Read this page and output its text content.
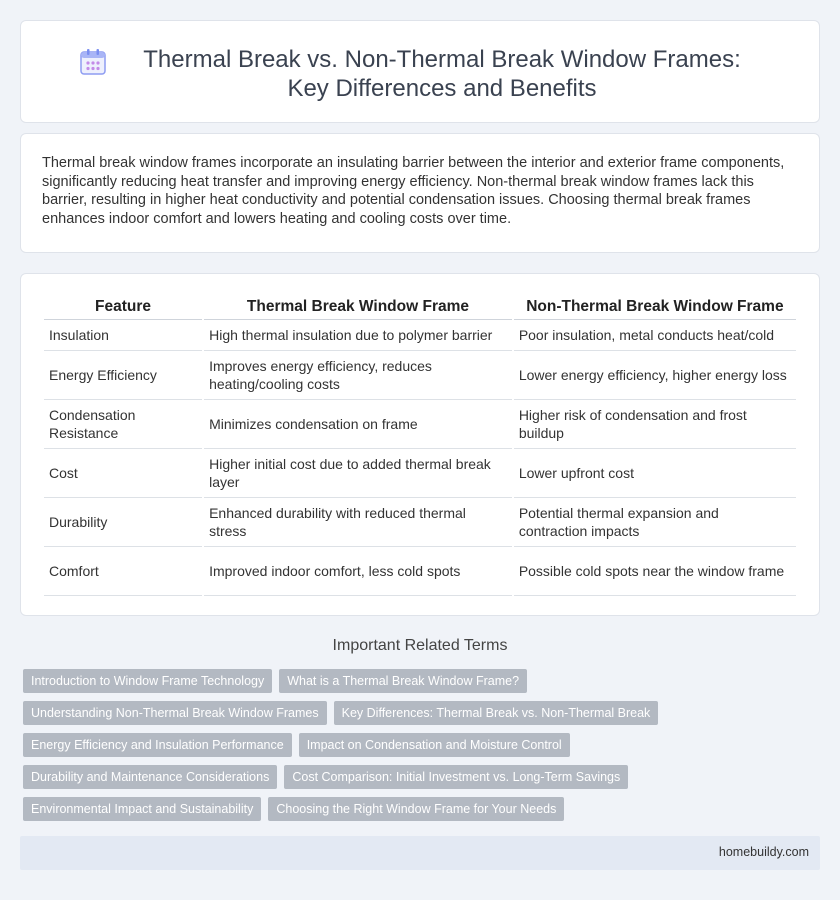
Thermal Break vs. Non-Thermal Break Window Frames: Key Differences and Benefits

Thermal break window frames incorporate an insulating barrier between the interior and exterior frame components, significantly reducing heat transfer and improving energy efficiency. Non-thermal break window frames lack this barrier, resulting in higher heat conductivity and potential condensation issues. Choosing thermal break frames enhances indoor comfort and lowers heating and cooling costs over time.

Feature	Thermal Break Window Frame	Non-Thermal Break Window Frame
Insulation	High thermal insulation due to polymer barrier	Poor insulation, metal conducts heat/cold
Energy Efficiency	Improves energy efficiency, reduces heating/cooling costs	Lower energy efficiency, higher energy loss
Condensation Resistance	Minimizes condensation on frame	Higher risk of condensation and frost buildup
Cost	Higher initial cost due to added thermal break layer	Lower upfront cost
Durability	Enhanced durability with reduced thermal stress	Potential thermal expansion and contraction impacts
Comfort	Improved indoor comfort, less cold spots	Possible cold spots near the window frame
Important Related Terms
Introduction to Window Frame Technology	What is a Thermal Break Window Frame?
Understanding Non-Thermal Break Window Frames	Key Differences: Thermal Break vs. Non-Thermal Break
Energy Efficiency and Insulation Performance	Impact on Condensation and Moisture Control
Durability and Maintenance Considerations	Cost Comparison: Initial Investment vs. Long-Term Savings
Environmental Impact and Sustainability	Choosing the Right Window Frame for Your Needs
homebuildy.com
